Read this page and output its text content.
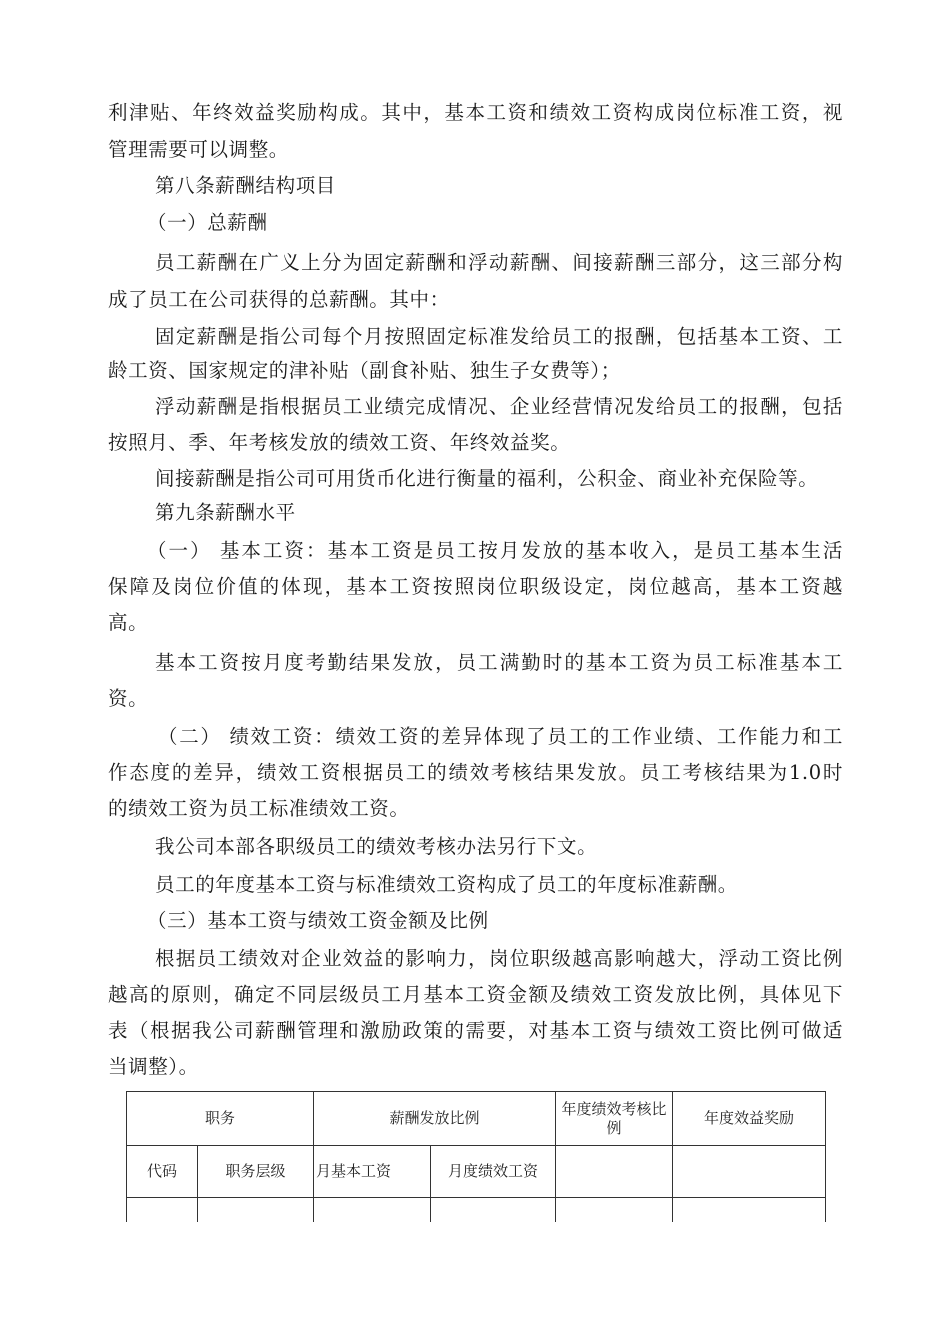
利津贴、年终效益奖励构成。其中，基本工资和绩效工资构成岗位标准工资，视
管理需要可以调整。
第八条薪酬结构项目
（一）总薪酬
员工薪酬在广义上分为固定薪酬和浮动薪酬、间接薪酬三部分，这三部分构
成了员工在公司获得的总薪酬。其中：
固定薪酬是指公司每个月按照固定标准发给员工的报酬，包括基本工资、工
龄工资、国家规定的津补贴（副食补贴、独生子女费等）；
浮动薪酬是指根据员工业绩完成情况、企业经营情况发给员工的报酬，包括
按照月、季、年考核发放的绩效工资、年终效益奖。
间接薪酬是指公司可用货币化进行衡量的福利，公积金、商业补充保险等。
第九条薪酬水平
（一） 基本工资：基本工资是员工按月发放的基本收入，是员工基本生活
保障及岗位价值的体现，基本工资按照岗位职级设定，岗位越高，基本工资越
高。
基本工资按月度考勤结果发放，员工满勤时的基本工资为员工标准基本工
资。
（二） 绩效工资：绩效工资的差异体现了员工的工作业绩、工作能力和工
作态度的差异，绩效工资根据员工的绩效考核结果发放。员工考核结果为1.0时
的绩效工资为员工标准绩效工资。
我公司本部各职级员工的绩效考核办法另行下文。
员工的年度基本工资与标准绩效工资构成了员工的年度标准薪酬。
（三）基本工资与绩效工资金额及比例
根据员工绩效对企业效益的影响力，岗位职级越高影响越大，浮动工资比例
越高的原则，确定不同层级员工月基本工资金额及绩效工资发放比例，具体见下
表（根据我公司薪酬管理和激励政策的需要，对基本工资与绩效工资比例可做适
当调整）。
职务		薪酬发放比例		年度绩效考核比例	年度效益奖励
代码	职务层级	月基本工资	月度绩效工资		
